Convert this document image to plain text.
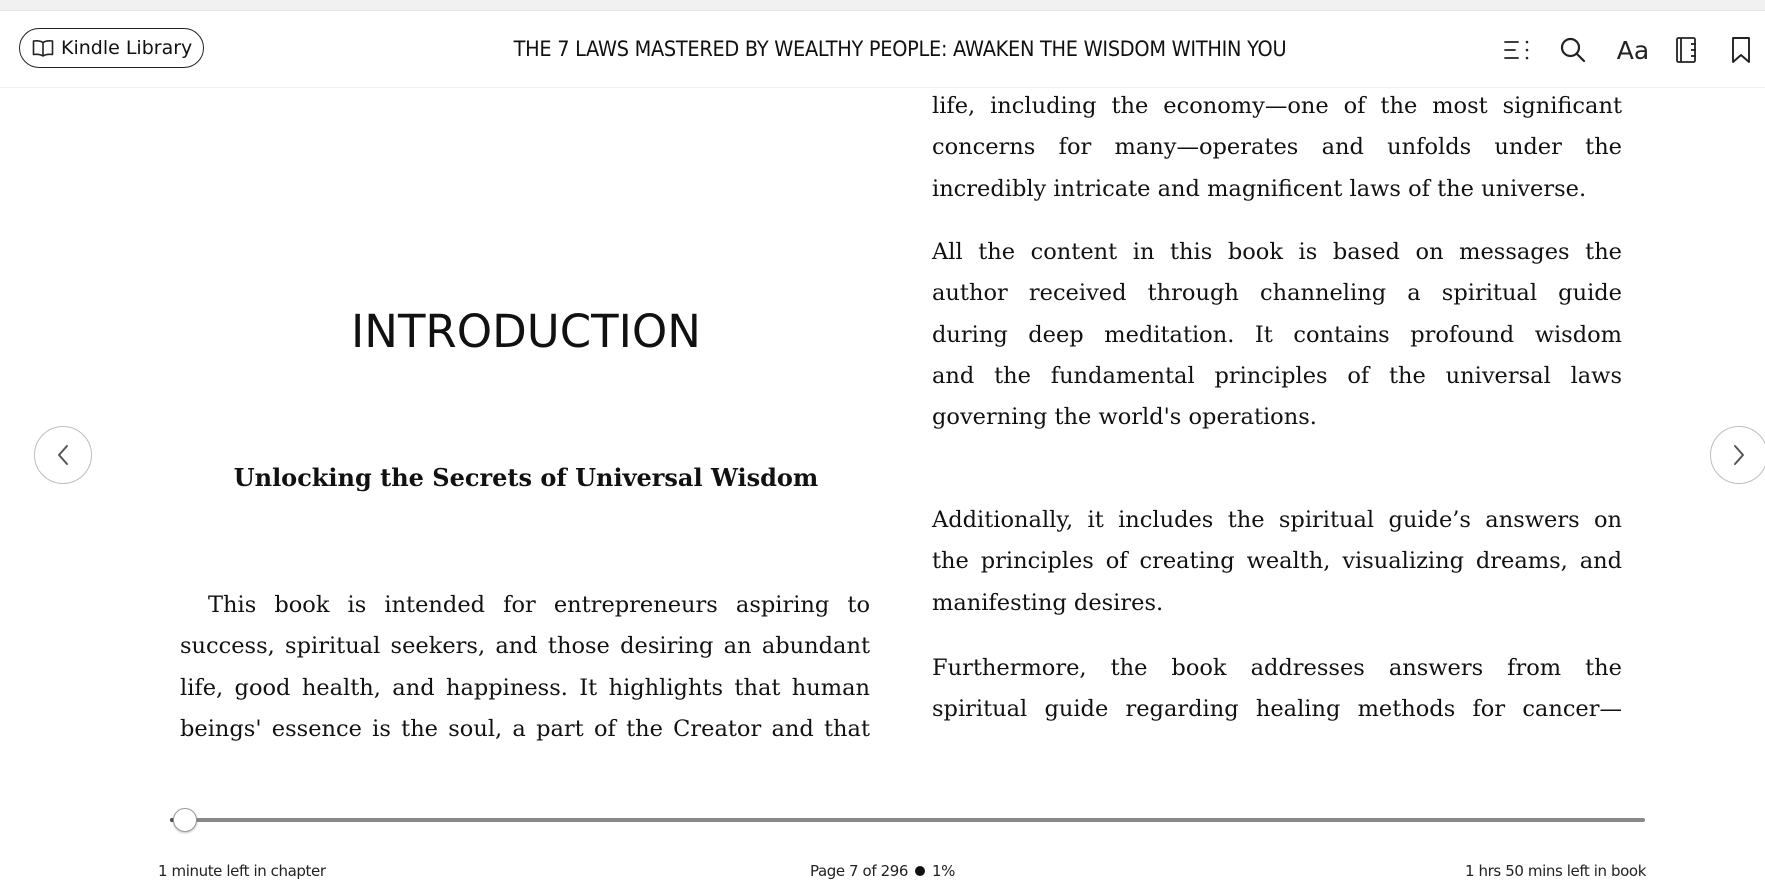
Kindle Library	THE 7 LAWS MASTERED BY WEALTHY PEOPLE: AWAKEN THE WISDOM WITHIN YOU	Aa
INTRODUCTION
Unlocking the Secrets of Universal Wisdom
This book is intended for entrepreneurs aspiring to
success, spiritual seekers, and those desiring an abundant
life, good health, and happiness. It highlights that human
beings' essence is the soul, a part of the Creator and that
life, including the economy—one of the most significant
concerns for many—operates and unfolds under the
incredibly intricate and magnificent laws of the universe.
All the content in this book is based on messages the
author received through channeling a spiritual guide
during deep meditation. It contains profound wisdom
and the fundamental principles of the universal laws
governing the world's operations.
Additionally, it includes the spiritual guide’s answers on
the principles of creating wealth, visualizing dreams, and
manifesting desires.
Furthermore, the book addresses answers from the
spiritual guide regarding healing methods for cancer—
1 minute left in chapter	Page 7 of 296 1%	1 hrs 50 mins left in book
